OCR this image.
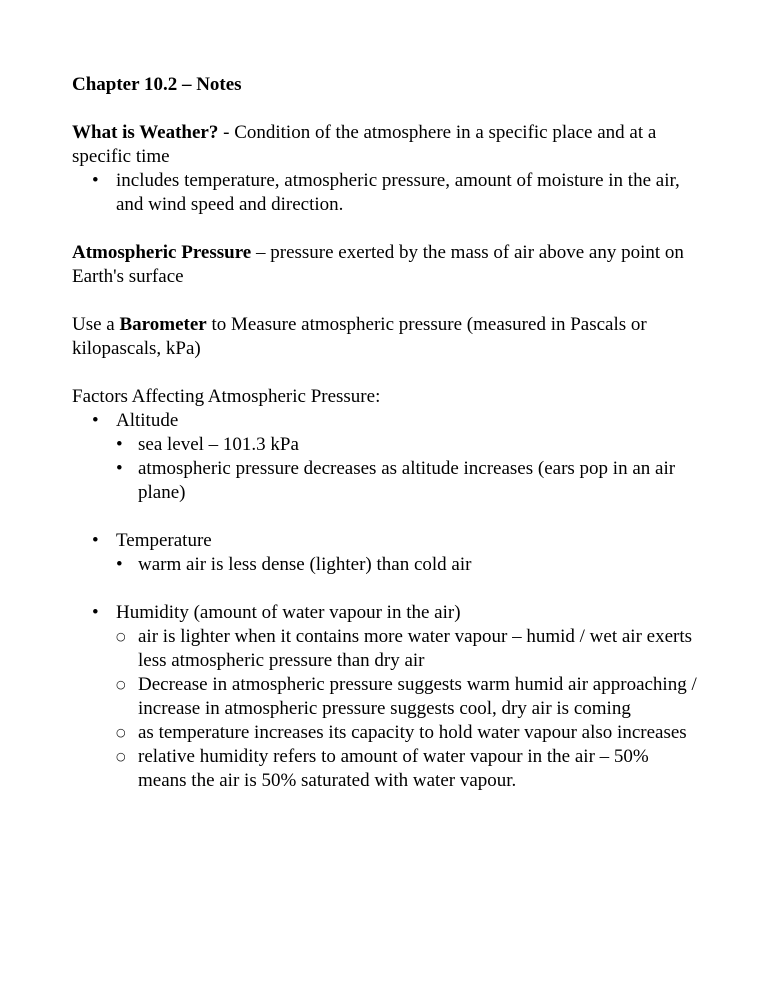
Chapter 10.2 – Notes

What is Weather? - Condition of the atmosphere in a specific place and at a specific time

• includes temperature, atmospheric pressure, amount of moisture in the air, and wind speed and direction.

Atmospheric Pressure – pressure exerted by the mass of air above any point on Earth's surface

Use a Barometer to Measure atmospheric pressure (measured in Pascals or kilopascals, kPa)

Factors Affecting Atmospheric Pressure:

• Altitude
• sea level – 101.3 kPa
• atmospheric pressure decreases as altitude increases (ears pop in an air plane)
• Temperature
• warm air is less dense (lighter) than cold air
• Humidity (amount of water vapour in the air)
○ air is lighter when it contains more water vapour – humid / wet air exerts less atmospheric pressure than dry air
○ Decrease in atmospheric pressure suggests warm humid air approaching / increase in atmospheric pressure suggests cool, dry air is coming
○ as temperature increases its capacity to hold water vapour also increases
○ relative humidity refers to amount of water vapour in the air – 50% means the air is 50% saturated with water vapour.
